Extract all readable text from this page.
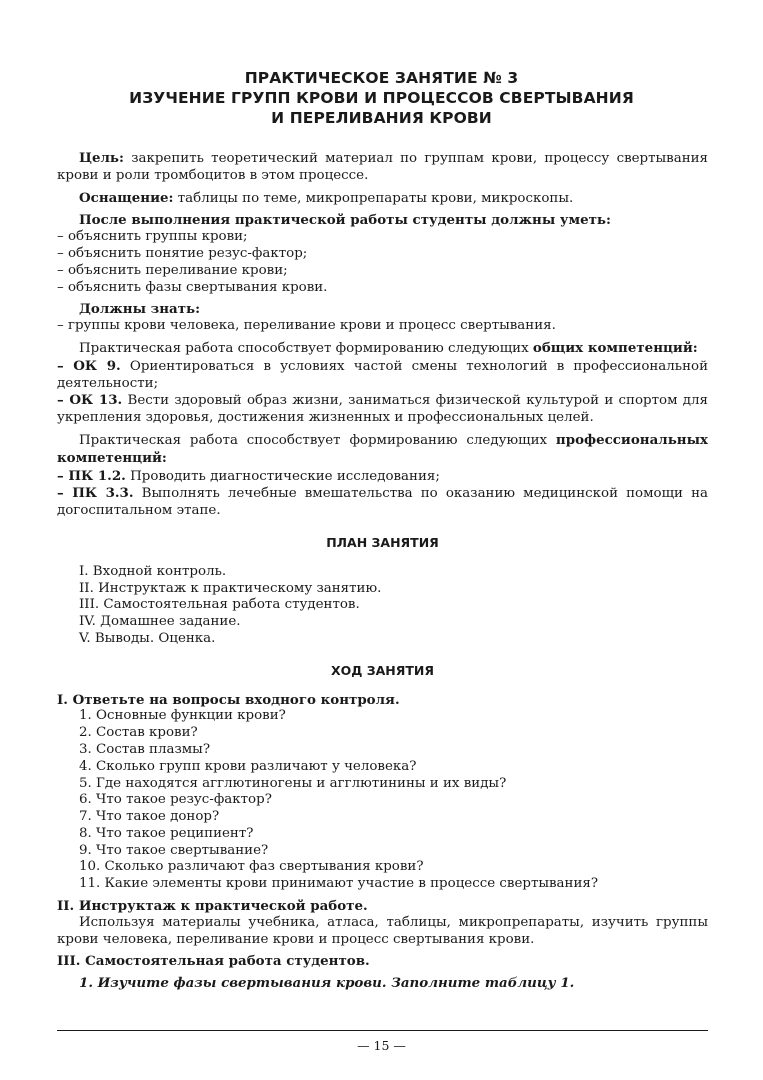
ПРАКТИЧЕСКОЕ ЗАНЯТИЕ № 3
ИЗУЧЕНИЕ ГРУПП КРОВИ И ПРОЦЕССОВ СВЕРТЫВАНИЯ
И ПЕРЕЛИВАНИЯ КРОВИ

Цель: закрепить теоретический материал по группам крови, процессу свертывания крови и роли тромбоцитов в этом процессе.

Оснащение: таблицы по теме, микропрепараты крови, микроскопы.

После выполнения практической работы студенты должны уметь:

– объяснить группы крови;

– объяснить понятие резус-фактор;

– объяснить переливание крови;

– объяснить фазы свертывания крови.

Должны знать:

– группы крови человека, переливание крови и процесс свертывания.

Практическая работа способствует формированию следующих общих компетенций:

– ОК 9. Ориентироваться в условиях частой смены технологий в профессиональной деятельности;

– ОК 13. Вести здоровый образ жизни, заниматься физической культурой и спортом для укрепления здоровья, достижения жизненных и профессиональных целей.

Практическая работа способствует формированию следующих профессиональных компетенций:

– ПК 1.2. Проводить диагностические исследования;

– ПК 3.3. Выполнять лечебные вмешательства по оказанию медицинской помощи на догоспитальном этапе.

ПЛАН ЗАНЯТИЯ
I. Входной контроль.
II. Инструктаж к практическому занятию.
III. Самостоятельная работа студентов.
IV. Домашнее задание.
V. Выводы. Оценка.
ХОД ЗАНЯТИЯ

I. Ответьте на вопросы входного контроля.

1. Основные функции крови?
2. Состав крови?
3. Состав плазмы?
4. Сколько групп крови различают у человека?
5. Где находятся агглютиногены и агглютинины и их виды?
6. Что такое резус-фактор?
7. Что такое донор?
8. Что такое реципиент?
9. Что такое свертывание?
10. Сколько различают фаз свертывания крови?
11. Какие элементы крови принимают участие в процессе свертывания?

II. Инструктаж к практической работе.

Используя материалы учебника, атласа, таблицы, микропрепараты, изучить группы крови человека, переливание крови и процесс свертывания крови.

III. Самостоятельная работа студентов.

1. Изучите фазы свертывания крови. Заполните таблицу 1.

— 15 —
